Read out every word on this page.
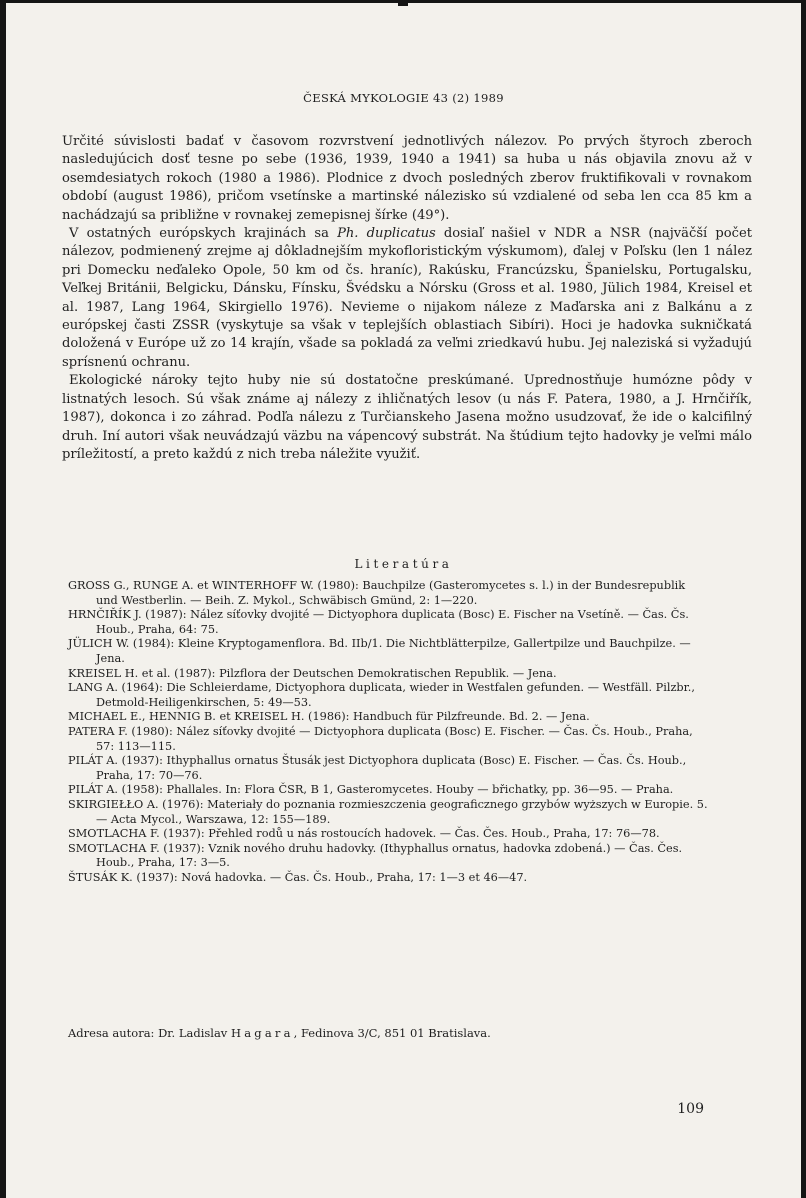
ČESKÁ MYKOLOGIE 43 (2) 1989

Určité súvislosti badať v časovom rozvrstvení jednotlivých nálezov. Po prvých štyroch zberoch nasledujúcich dosť tesne po sebe (1936, 1939, 1940 a 1941) sa huba u nás objavila znovu až v osemdesiatych rokoch (1980 a 1986). Plodnice z dvoch posledných zberov fruktifikovali v rovnakom období (august 1986), pričom vsetínske a martinské nálezisko sú vzdialené od seba len cca 85 km a nachádzajú sa približne v rovnakej zemepisnej šírke (49°).

V ostatných európskych krajinách sa Ph. duplicatus dosiaľ našiel v NDR a NSR (najväčší počet nálezov, podmienený zrejme aj dôkladnejším mykofloristickým výskumom), ďalej v Poľsku (len 1 nález pri Domecku neďaleko Opole, 50 km od čs. hraníc), Rakúsku, Francúzsku, Španielsku, Portugalsku, Veľkej Británii, Belgicku, Dánsku, Fínsku, Švédsku a Nórsku (Gross et al. 1980, Jülich 1984, Kreisel et al. 1987, Lang 1964, Skirgiello 1976). Nevieme o nijakom náleze z Maďarska ani z Balkánu a z európskej časti ZSSR (vyskytuje sa však v teplejších oblastiach Sibíri). Hoci je hadovka sukničkatá doložená v Európe už zo 14 krajín, všade sa pokladá za veľmi zriedkavú hubu. Jej naleziská si vyžadujú sprísnenú ochranu.

Ekologické nároky tejto huby nie sú dostatočne preskúmané. Uprednostňuje humózne pôdy v listnatých lesoch. Sú však známe aj nálezy z ihličnatých lesov (u nás F. Patera, 1980, a J. Hrnčiřík, 1987), dokonca i zo záhrad. Podľa nálezu z Turčianskeho Jasena možno usudzovať, že ide o kalcifilný druh. Iní autori však neuvádzajú väzbu na vápencový substrát. Na štúdium tejto hadovky je veľmi málo príležitostí, a preto každú z nich treba náležite využiť.

Literatúra

GROSS G., RUNGE A. et WINTERHOFF W. (1980): Bauchpilze (Gasteromycetes s. l.) in der Bundesrepublik und Westberlin. — Beih. Z. Mykol., Schwäbisch Gmünd, 2: 1—220.

HRNČIŘÍK J. (1987): Nález síťovky dvojité — Dictyophora duplicata (Bosc) E. Fischer na Vsetíně. — Čas. Čs. Houb., Praha, 64: 75.

JÜLICH W. (1984): Kleine Kryptogamenflora. Bd. IIb/1. Die Nichtblätterpilze, Gallertpilze und Bauchpilze. — Jena.

KREISEL H. et al. (1987): Pilzflora der Deutschen Demokratischen Republik. — Jena.

LANG A. (1964): Die Schleierdame, Dictyophora duplicata, wieder in Westfalen gefunden. — Westfäll. Pilzbr., Detmold-Heiligenkirschen, 5: 49—53.

MICHAEL E., HENNIG B. et KREISEL H. (1986): Handbuch für Pilzfreunde. Bd. 2. — Jena.

PATERA F. (1980): Nález síťovky dvojité — Dictyophora duplicata (Bosc) E. Fischer. — Čas. Čs. Houb., Praha, 57: 113—115.

PILÁT A. (1937): Ithyphallus ornatus Štusák jest Dictyophora duplicata (Bosc) E. Fischer. — Čas. Čs. Houb., Praha, 17: 70—76.

PILÁT A. (1958): Phallales. In: Flora ČSR, B 1, Gasteromycetes. Houby — břichatky, pp. 36—95. — Praha.

SKIRGIEŁŁO A. (1976): Materiały do poznania rozmieszczenia geograficznego grzybów wyższych w Europie. 5. — Acta Mycol., Warszawa, 12: 155—189.

SMOTLACHA F. (1937): Přehled rodů u nás rostoucích hadovek. — Čas. Čes. Houb., Praha, 17: 76—78.

SMOTLACHA F. (1937): Vznik nového druhu hadovky. (Ithyphallus ornatus, hadovka zdobená.) — Čas. Čes. Houb., Praha, 17: 3—5.

ŠTUSÁK K. (1937): Nová hadovka. — Čas. Čs. Houb., Praha, 17: 1—3 et 46—47.

Adresa autora: Dr. Ladislav Hagara, Fedinova 3/C, 851 01 Bratislava.
109
